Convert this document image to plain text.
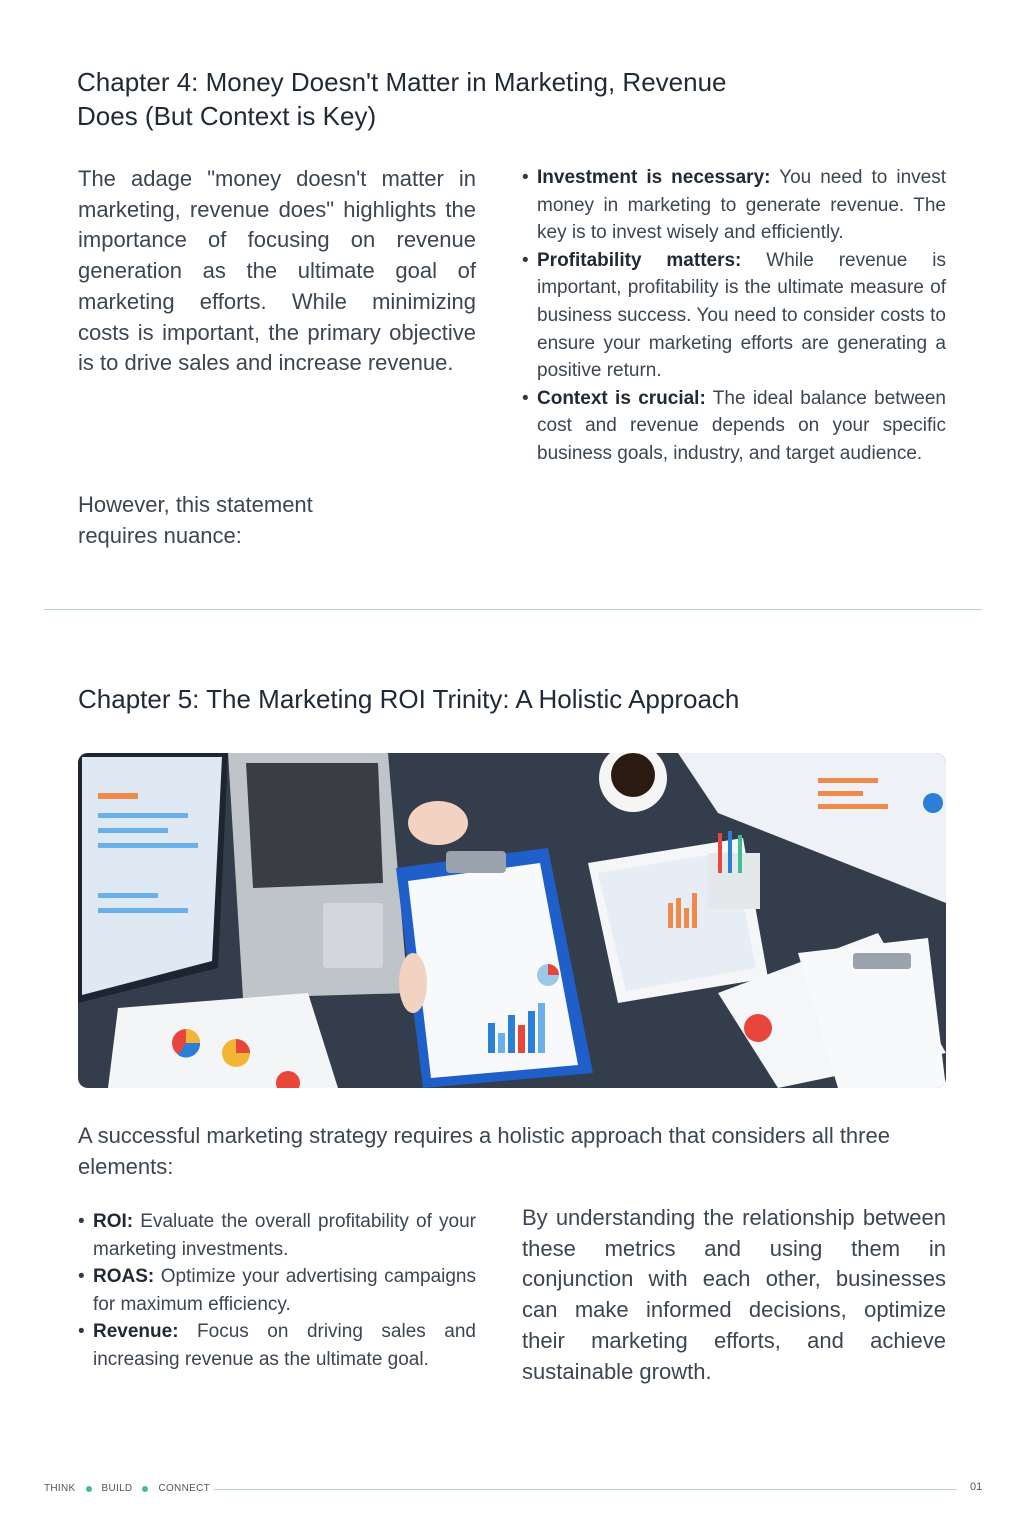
Chapter 4: Money Doesn't Matter in Marketing, Revenue
Does (But Context is Key)

The adage "money doesn't matter in marketing, revenue does" highlights the importance of focusing on revenue generation as the ultimate goal of marketing efforts. While minimizing costs is important, the primary objective is to drive sales and increase revenue.

However, this statement requires nuance:

• Investment is necessary: You need to invest money in marketing to generate revenue. The key is to invest wisely and efficiently.
• Profitability matters: While revenue is important, profitability is the ultimate measure of business success. You need to consider costs to ensure your marketing efforts are generating a positive return.
• Context is crucial: The ideal balance between cost and revenue depends on your specific business goals, industry, and target audience.
Chapter 5: The Marketing ROI Trinity: A Holistic Approach

A successful marketing strategy requires a holistic approach that considers all three elements:

• ROI: Evaluate the overall profitability of your marketing investments.
• ROAS: Optimize your advertising campaigns for maximum efficiency.
• Revenue: Focus on driving sales and increasing revenue as the ultimate goal.

By understanding the relationship between these metrics and using them in conjunction with each other, businesses can make informed decisions, optimize their marketing efforts, and achieve sustainable growth.

THINK	BUILD	CONNECT	01
